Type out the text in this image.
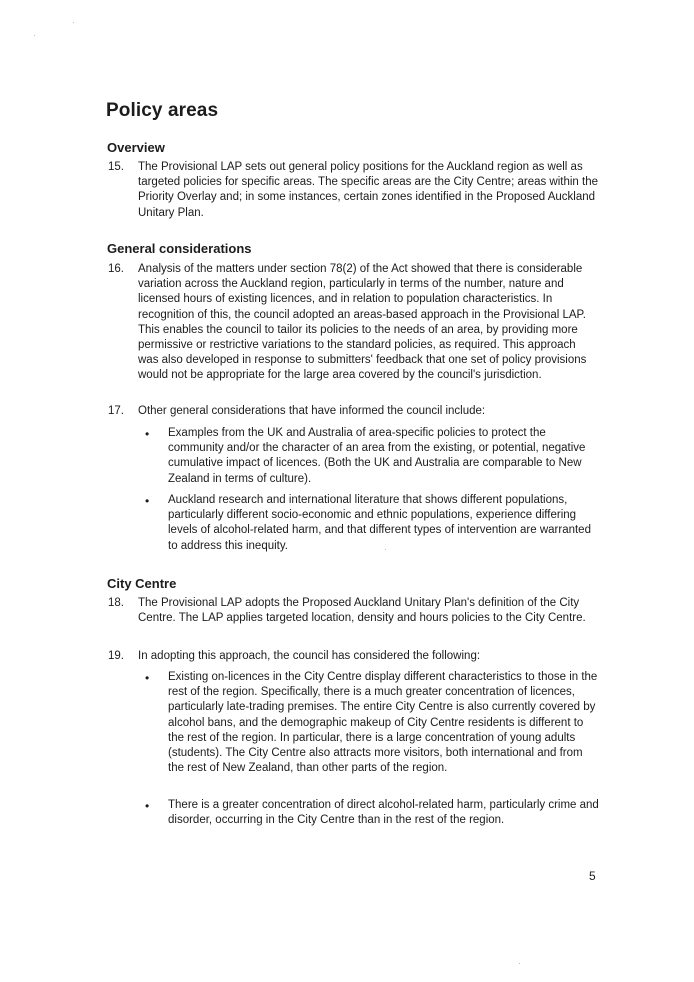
Policy areas
Overview
15. The Provisional LAP sets out general policy positions for the Auckland region as well as targeted policies for specific areas. The specific areas are the City Centre; areas within the Priority Overlay and; in some instances, certain zones identified in the Proposed Auckland Unitary Plan.
General considerations
16. Analysis of the matters under section 78(2) of the Act showed that there is considerable variation across the Auckland region, particularly in terms of the number, nature and licensed hours of existing licences, and in relation to population characteristics. In recognition of this, the council adopted an areas-based approach in the Provisional LAP. This enables the council to tailor its policies to the needs of an area, by providing more permissive or restrictive variations to the standard policies, as required. This approach was also developed in response to submitters' feedback that one set of policy provisions would not be appropriate for the large area covered by the council's jurisdiction.
17. Other general considerations that have informed the council include:
• Examples from the UK and Australia of area-specific policies to protect the community and/or the character of an area from the existing, or potential, negative cumulative impact of licences. (Both the UK and Australia are comparable to New Zealand in terms of culture).
• Auckland research and international literature that shows different populations, particularly different socio-economic and ethnic populations, experience differing levels of alcohol-related harm, and that different types of intervention are warranted to address this inequity.
City Centre
18. The Provisional LAP adopts the Proposed Auckland Unitary Plan's definition of the City Centre. The LAP applies targeted location, density and hours policies to the City Centre.
19. In adopting this approach, the council has considered the following:
• Existing on-licences in the City Centre display different characteristics to those in the rest of the region. Specifically, there is a much greater concentration of licences, particularly late-trading premises. The entire City Centre is also currently covered by alcohol bans, and the demographic makeup of City Centre residents is different to the rest of the region. In particular, there is a large concentration of young adults (students). The City Centre also attracts more visitors, both international and from the rest of New Zealand, than other parts of the region.
• There is a greater concentration of direct alcohol-related harm, particularly crime and disorder, occurring in the City Centre than in the rest of the region.
5
